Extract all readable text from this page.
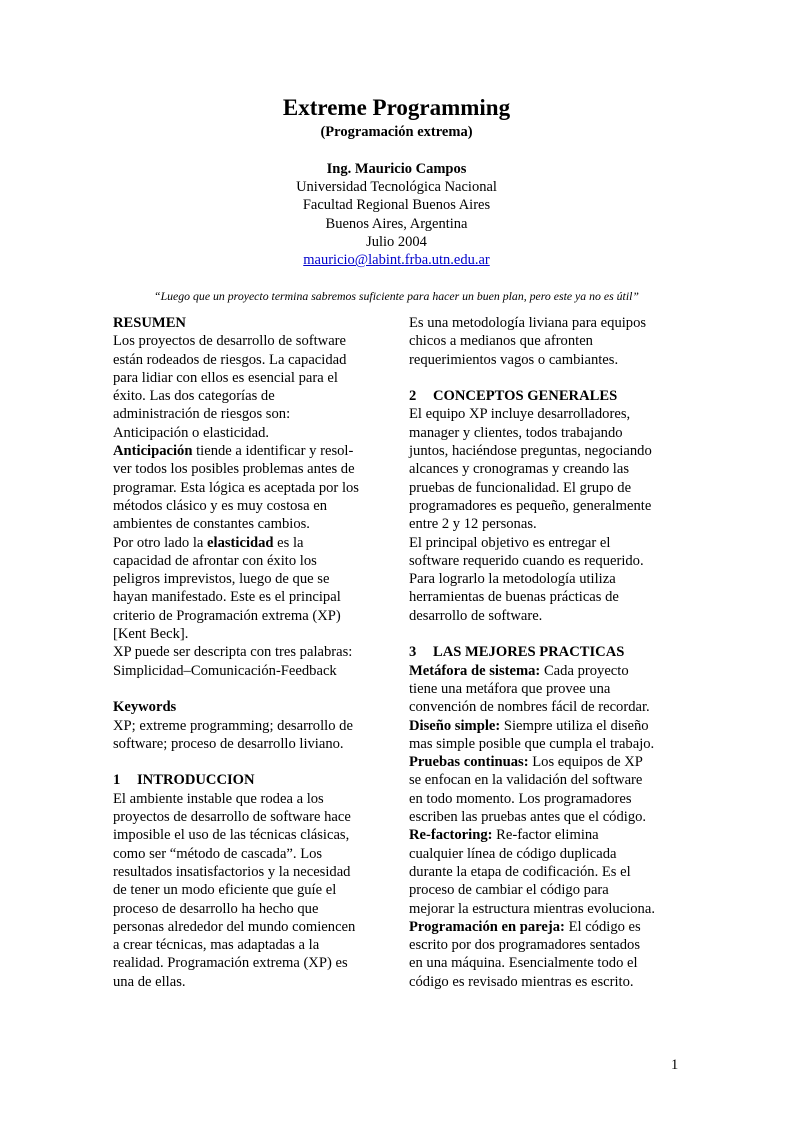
Extreme Programming
(Programación extrema)
Ing. Mauricio Campos
Universidad Tecnológica Nacional
Facultad Regional Buenos Aires
Buenos Aires, Argentina
Julio 2004
mauricio@labint.frba.utn.edu.ar
“Luego que un proyecto termina sabremos suficiente para hacer un buen plan, pero este ya no es útil”
RESUMEN
Los proyectos de desarrollo de software
están rodeados de riesgos. La capacidad
para lidiar con ellos es esencial para el
éxito. Las dos categorías de
administración de riesgos son:
Anticipación o elasticidad.
Anticipación tiende a identificar y resol-
ver todos los posibles problemas antes de
programar. Esta lógica es aceptada por los
métodos clásico y es muy costosa en
ambientes de constantes cambios.
Por otro lado la elasticidad es la
capacidad de afrontar con éxito los
peligros imprevistos, luego de que se
hayan manifestado. Este es el principal
criterio de Programación extrema (XP)
[Kent Beck].
XP puede ser descripta con tres palabras:
Simplicidad–Comunicación-Feedback
Keywords
XP; extreme programming; desarrollo de
software; proceso de desarrollo liviano.
1 INTRODUCCION
El ambiente instable que rodea a los
proyectos de desarrollo de software hace
imposible el uso de las técnicas clásicas,
como ser “método de cascada”. Los
resultados insatisfactorios y la necesidad
de tener un modo eficiente que guíe el
proceso de desarrollo ha hecho que
personas alrededor del mundo comiencen
a crear técnicas, mas adaptadas a la
realidad. Programación extrema (XP) es
una de ellas.
Es una metodología liviana para equipos
chicos a medianos que afronten
requerimientos vagos o cambiantes.
2 CONCEPTOS GENERALES
El equipo XP incluye desarrolladores,
manager y clientes, todos trabajando
juntos, haciéndose preguntas, negociando
alcances y cronogramas y creando las
pruebas de funcionalidad. El grupo de
programadores es pequeño, generalmente
entre 2 y 12 personas.
El principal objetivo es entregar el
software requerido cuando es requerido.
Para lograrlo la metodología utiliza
herramientas de buenas prácticas de
desarrollo de software.
3 LAS MEJORES PRACTICAS
Metáfora de sistema: Cada proyecto
tiene una metáfora que provee una
convención de nombres fácil de recordar.
Diseño simple: Siempre utiliza el diseño
mas simple posible que cumpla el trabajo.
Pruebas continuas: Los equipos de XP
se enfocan en la validación del software
en todo momento. Los programadores
escriben las pruebas antes que el código.
Re-factoring: Re-factor elimina
cualquier línea de código duplicada
durante la etapa de codificación. Es el
proceso de cambiar el código para
mejorar la estructura mientras evoluciona.
Programación en pareja: El código es
escrito por dos programadores sentados
en una máquina. Esencialmente todo el
código es revisado mientras es escrito.
1
